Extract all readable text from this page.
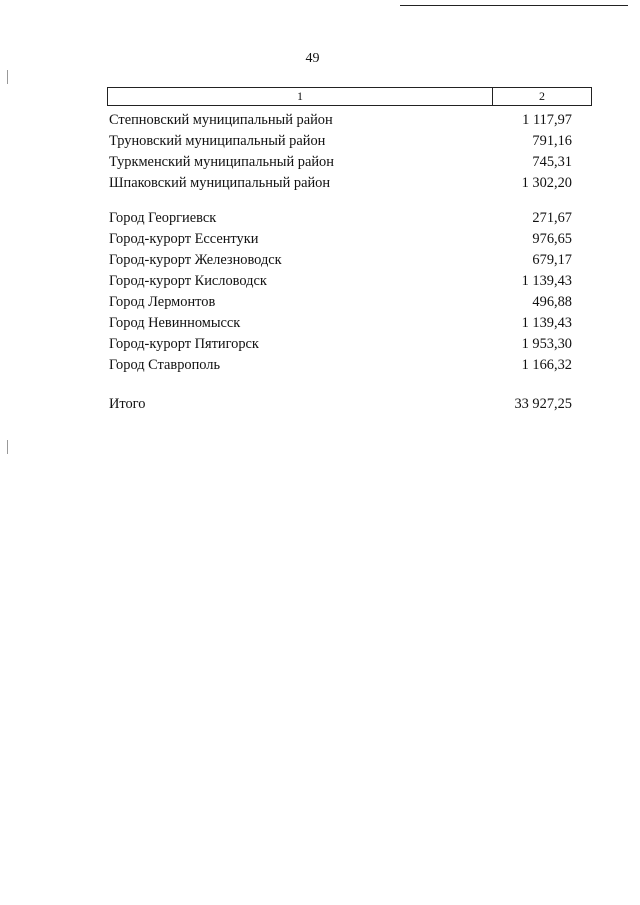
49
1	2
Степновский муниципальный район	1 117,97
Труновский муниципальный район	791,16
Туркменский муниципальный район	745,31
Шпаковский муниципальный район	1 302,20
Город Георгиевск	271,67
Город-курорт Ессентуки	976,65
Город-курорт Железноводск	679,17
Город-курорт Кисловодск	1 139,43
Город Лермонтов	496,88
Город Невинномысск	1 139,43
Город-курорт Пятигорск	1 953,30
Город Ставрополь	1 166,32
Итого	33 927,25
